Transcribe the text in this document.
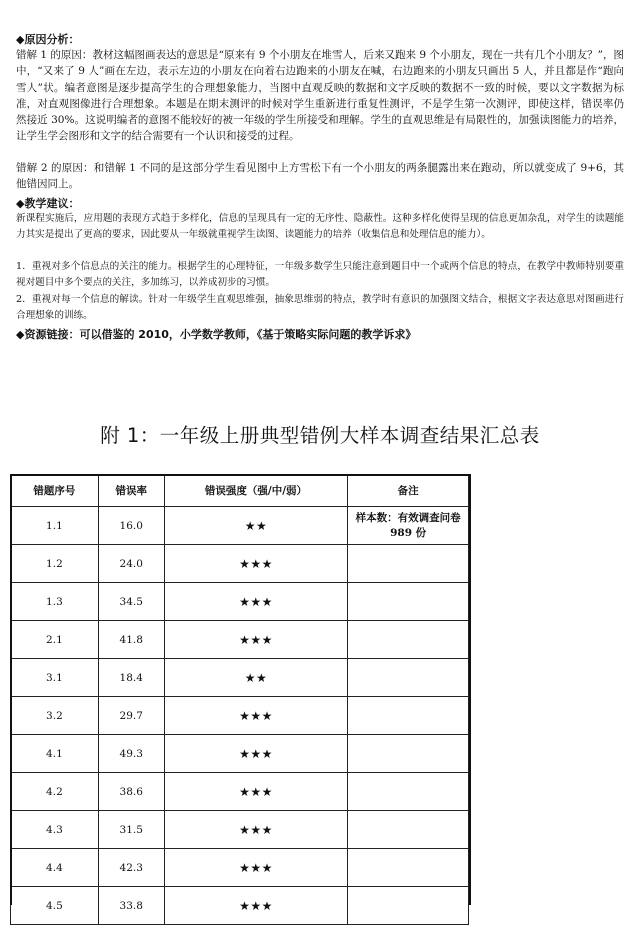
◆原因分析：
错解 1 的原因：教材这幅图画表达的意思是“原来有 9 个小朋友在堆雪人，后来又跑来 9 个小朋友，现在一共有几个小朋友？”，图中，“又来了 9 人”画在左边，表示左边的小朋友在向着右边跑来的小朋友在喊，右边跑来的小朋友只画出 5 人，并且都是作“跑向雪人”状。编者意图是逐步提高学生的合理想象能力，当图中直观反映的数据和文字反映的数据不一致的时候，要以文字数据为标准，对直观图像进行合理想象。本题是在期末测评的时候对学生重新进行重复性测评，不是学生第一次测评，即使这样，错误率仍然接近 30%。这说明编者的意图不能较好的被一年级的学生所接受和理解。学生的直观思维是有局限性的，加强读图能力的培养，让学生学会图形和文字的结合需要有一个认识和接受的过程。
错解 2 的原因：和错解 1 不同的是这部分学生看见图中上方雪松下有一个小朋友的两条腿露出来在跑动，所以就变成了 9+6，其他错因同上。
◆教学建议：
新课程实施后，应用题的表现方式趋于多样化，信息的呈现具有一定的无序性、隐蔽性。这种多样化使得呈现的信息更加杂乱，对学生的读题能力其实是提出了更高的要求，因此要从一年级就重视学生读图、读题能力的培养（收集信息和处理信息的能力）。
1．重视对多个信息点的关注的能力。根据学生的心理特征，一年级多数学生只能注意到题目中一个或两个信息的特点，在教学中教师特别要重视对题目中多个要点的关注，多加练习，以养成初步的习惯。
2．重视对每一个信息的解读。针对一年级学生直观思维强，抽象思维弱的特点，教学时有意识的加强图文结合，根据文字表达意思对图画进行合理想象的训练。
◆资源链接：可以借鉴的 2010，小学数学教师，《基于策略实际问题的教学诉求》
附 1：一年级上册典型错例大样本调查结果汇总表
错题序号	错误率	错误强度（强/中/弱）	备注
1.1	16.0	★★	样本数：有效调查问卷
989 份

1.2	24.0	★★★	
1.3	34.5	★★★	
2.1	41.8	★★★	
3.1	18.4	★★	
3.2	29.7	★★★	
4.1	49.3	★★★	
4.2	38.6	★★★	
4.3	31.5	★★★	
4.4	42.3	★★★	
4.5	33.8	★★★	
